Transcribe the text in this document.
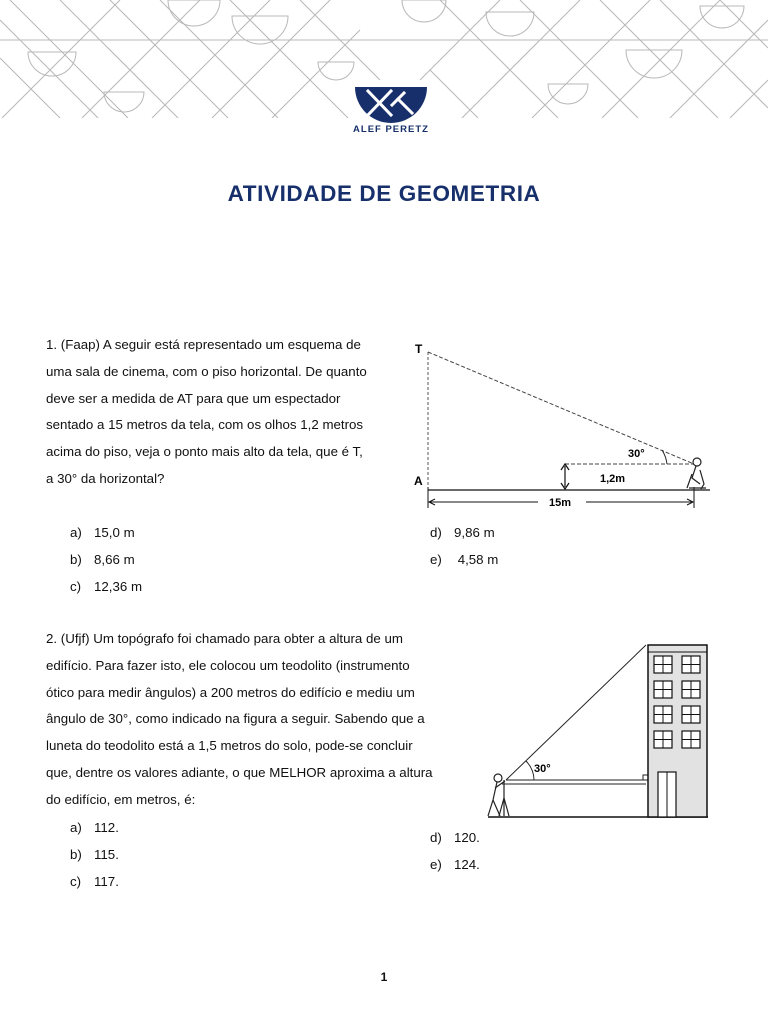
ALEF PERETZ
ATIVIDADE DE GEOMETRIA

1. (Faap) A seguir está representado um esquema de

uma sala de cinema, com o piso horizontal. De quanto

deve ser a medida de AT para que um espectador

sentado a 15 metros da tela, com os olhos 1,2 metros

acima do piso, veja o ponto mais alto da tela, que é T,

a 30° da horizontal?

T
A
30°
1,2m
15m
a) 15,0 m
b) 8,66 m
c) 12,36 m
d) 9,86 m
e) 4,58 m

2. (Ufjf) Um topógrafo foi chamado para obter a altura de um

edifício. Para fazer isto, ele colocou um teodolito (instrumento

ótico para medir ângulos) a 200 metros do edifício e mediu um

ângulo de 30°, como indicado na figura a seguir. Sabendo que a

luneta do teodolito está a 1,5 metros do solo, pode-se concluir

que, dentre os valores adiante, o que MELHOR aproxima a altura

do edifício, em metros, é:

30°
a) 112.
b) 115.
c) 117.
d) 120.
e) 124.
1
